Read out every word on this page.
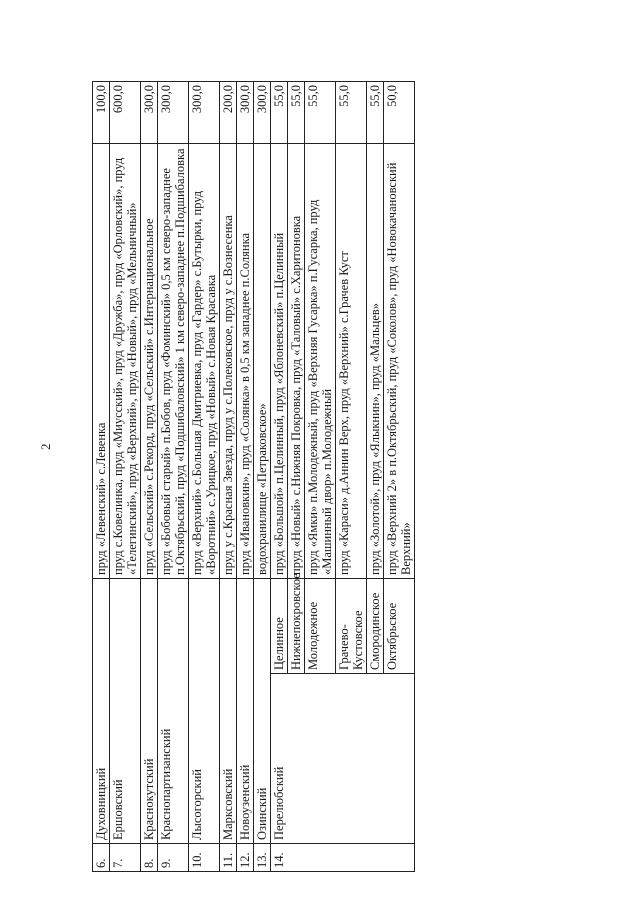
2
6.	Духовницкий		пруд «Левенский» с.Левенка	100,0
7.	Ершовский		пруд с.Ковелинка, пруд «Миусский», пруд «Дружба», пруд «Орловский», пруд «Телегинский», пруд «Верхний», пруд «Новый», пруд «Мельничный»	600,0
8.	Краснокутский		пруд «Сельский» с.Рекорд, пруд «Сельский» с.Интернациональное	300,0
9.	Краснопартизанский		пруд «Бобовый старый» п.Бобов, пруд «Фоминский» 0,5 км северо-западнее п.Октябрьский, пруд «Подшибаловский» 1 км северо-западнее п.Подшибаловка	300,0
10.	Лысогорский		пруд «Верхний» с.Большая Дмитриевка, пруд «Гардер» с.Бутырки, пруд «Воротний» с.Урицкое, пруд «Новый» с.Новая Красавка	300,0
11.	Марксовский		пруд у с.Красная Звезда, пруд у с.Полековское, пруд у с.Вознесенка	200,0
12.	Новоузенский		пруд «Ивановкин», пруд «Солянка» в 0,5 км западнее п.Солянка	300,0
13.	Озинский		водохранилище «Петраковское»	300,0
14.	Перелюбский	Целинное	пруд «Большой» п.Целинный, пруд «Яблоневский» п.Целинный	55,0
		Нижнепокровское	пруд «Новый» с.Нижняя Покровка, пруд «Таловый» с.Харитоновка	55,0
		Молодежное	пруд «Ямки» п.Молодежный, пруд «Верхняя Гусарка» п.Гусарка, пруд «Машинный двор» п.Молодежный	55,0
		Грачево-Кустовское	пруд «Караси» д.Аннин Верх, пруд «Верхний» с.Грачев Куст	55,0
		Смородинское	пруд «Золотой», пруд «Ялыкнин», пруд «Мальцев»	55,0
		Октябрьское	пруд «Верхний 2» в п.Октябрьский, пруд «Соколов», пруд «Новокачановский Верхний»	50,0
